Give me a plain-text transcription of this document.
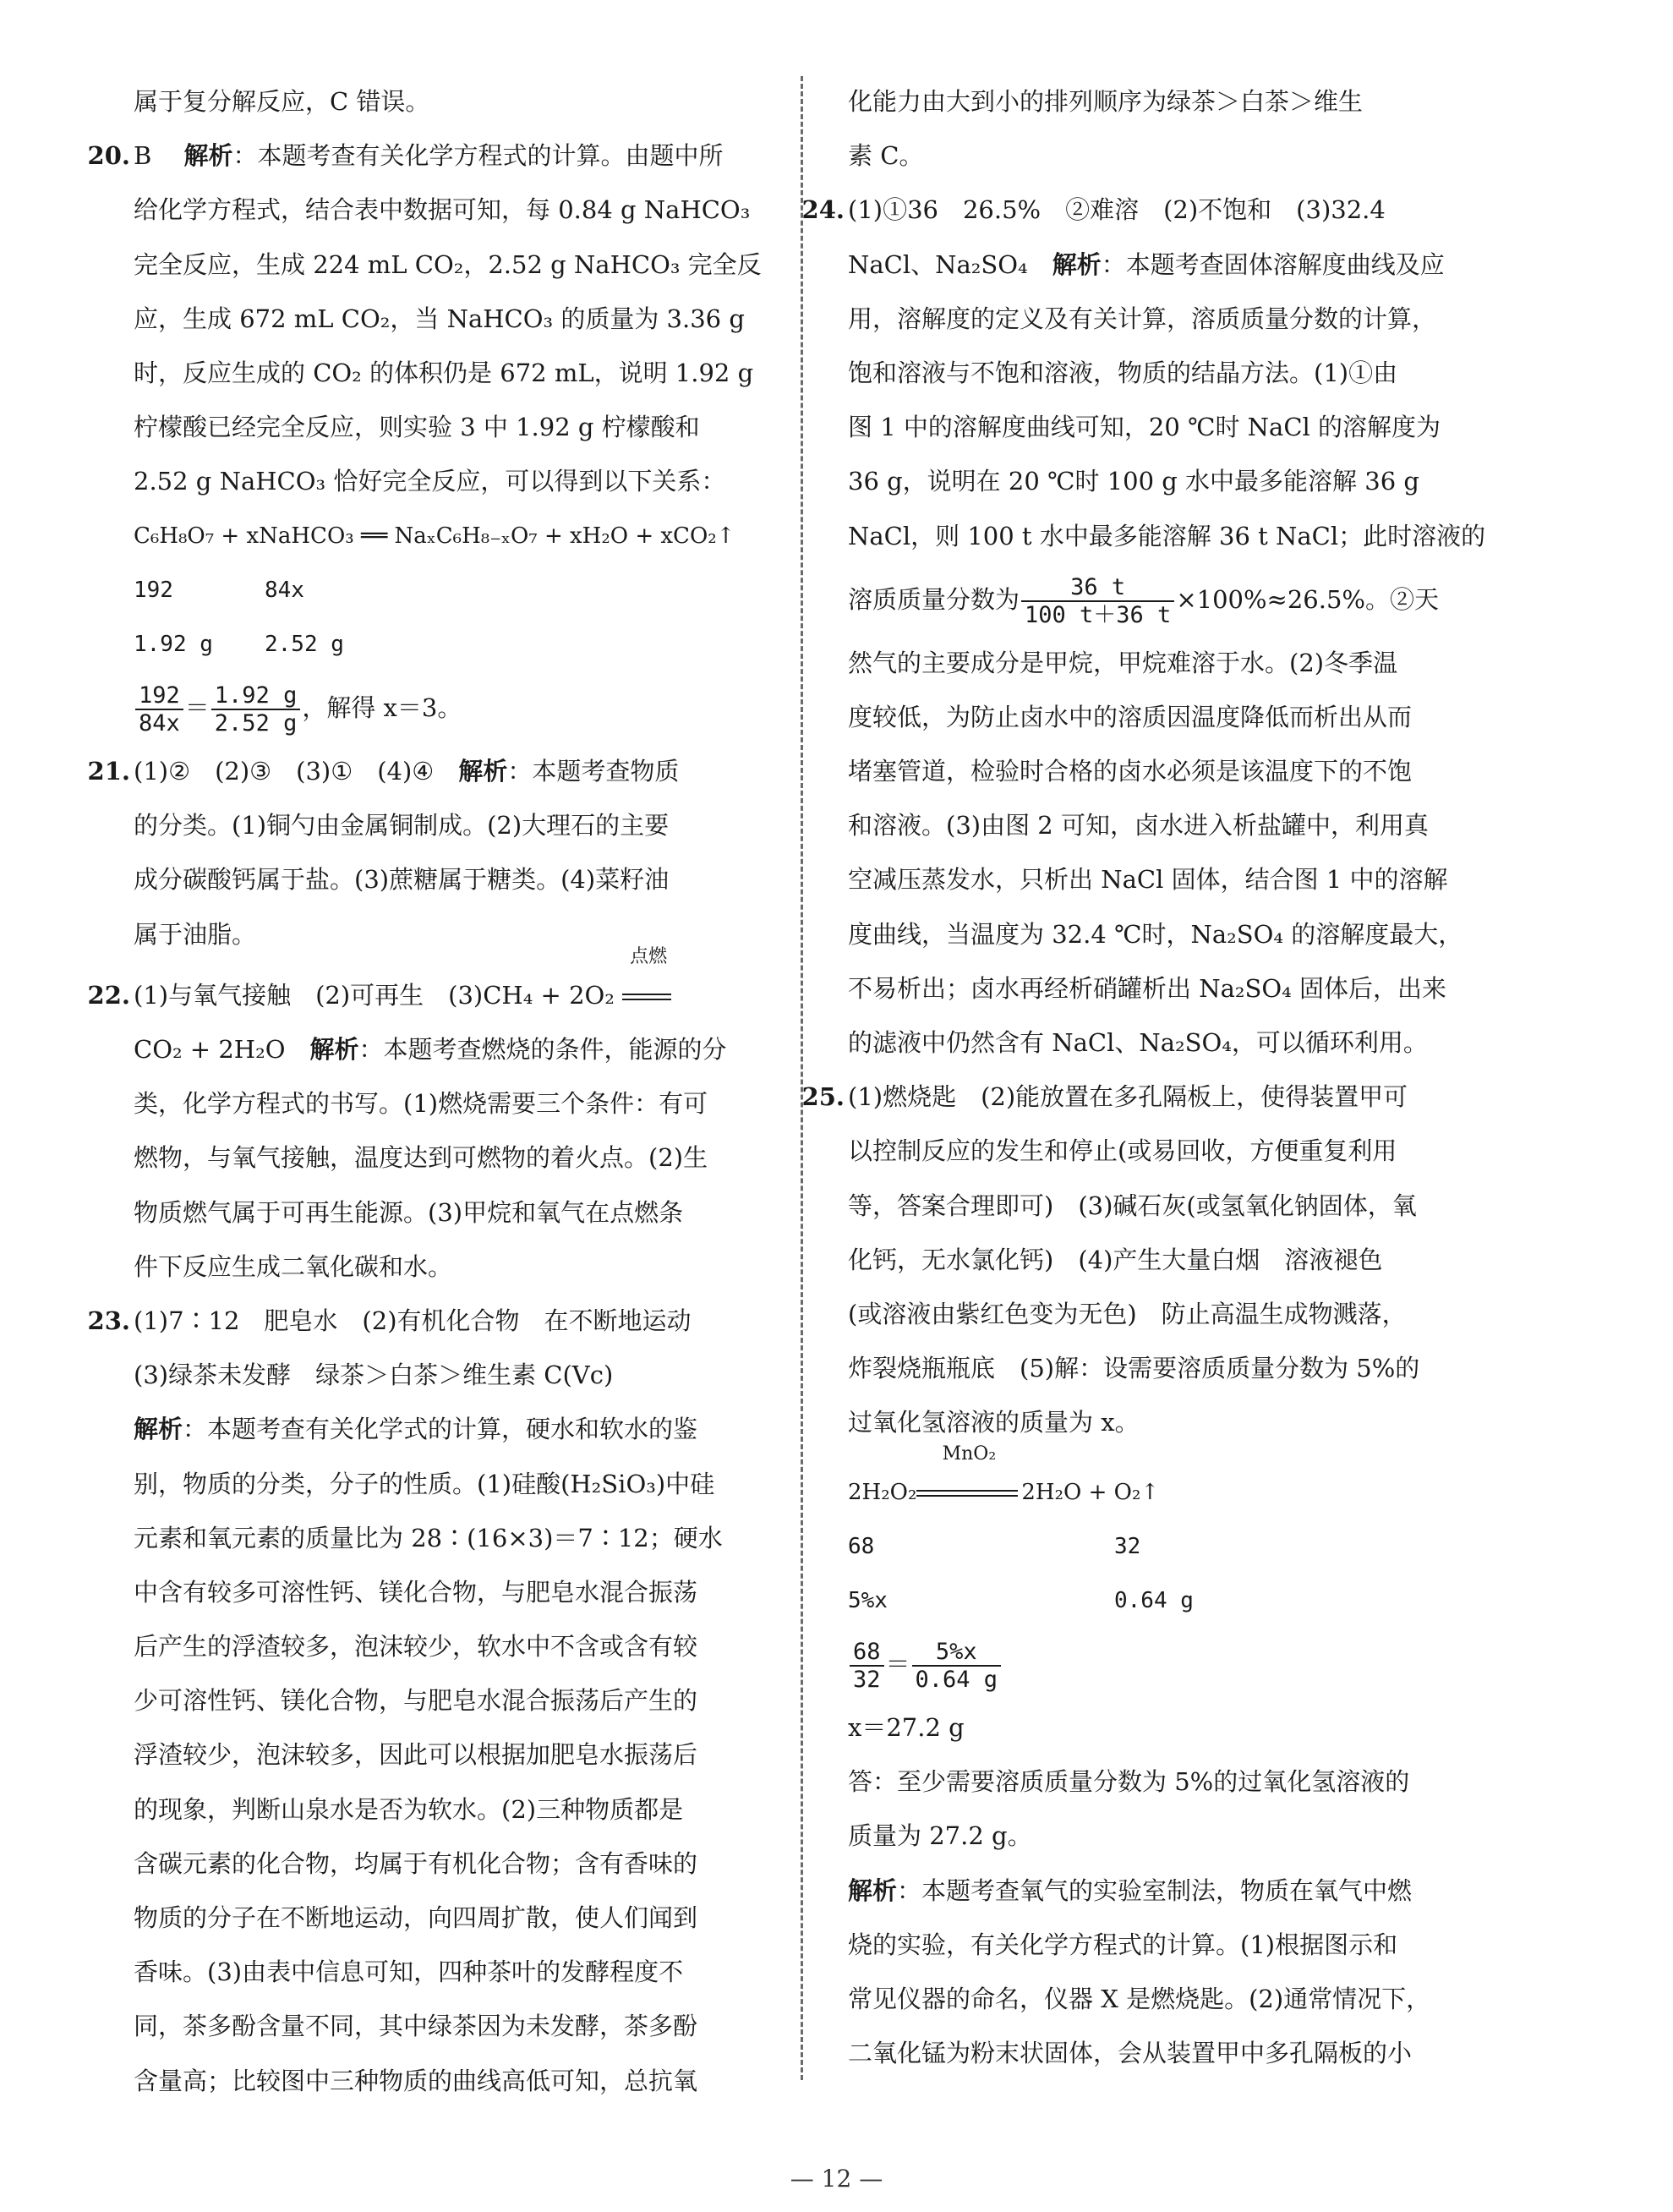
属于复分解反应，C 错误。
20. B　 解析：本题考查有关化学方程式的计算。由题中所
给化学方程式，结合表中数据可知，每 0.84 g NaHCO₃
完全反应，生成 224 mL CO₂，2.52 g NaHCO₃ 完全反
应，生成 672 mL CO₂，当 NaHCO₃ 的质量为 3.36 g
时，反应生成的 CO₂ 的体积仍是 672 mL，说明 1.92 g
柠檬酸已经完全反应，则实验 3 中 1.92 g 柠檬酸和
2.52 g NaHCO₃ 恰好完全反应，可以得到以下关系：
C₆H₈O₇ + xNaHCO₃ ══ NaₓC₆H₈₋ₓO₇ + xH₂O + xCO₂↑
192	84x
1.92 g 2.52 g
$\frac{192}{84x} = \frac{1.92 g}{2.52 g}$ ，解得 x＝3。
21. (1)②　(2)③　(3)①　(4)④　解析：本题考查物质
的分类。(1)铜勺由金属铜制成。(2)大理石的主要
成分碳酸钙属于盐。(3)蔗糖属于糖类。(4)菜籽油
属于油脂。
22. (1)与氧气接触　(2)可再生　(3)CH₄ + 2O₂
点燃
CO₂ + 2H₂O　解析：本题考查燃烧的条件，能源的分
类，化学方程式的书写。(1)燃烧需要三个条件：有可
燃物，与氧气接触，温度达到可燃物的着火点。(2)生
物质燃气属于可再生能源。(3)甲烷和氧气在点燃条
件下反应生成二氧化碳和水。
23. (1)7∶12　肥皂水　(2)有机化合物　在不断地运动
(3)绿茶未发酵　绿茶＞白茶＞维生素 C(Vc)
解析：本题考查有关化学式的计算，硬水和软水的鉴
别，物质的分类，分子的性质。(1)硅酸(H₂SiO₃)中硅
元素和氧元素的质量比为 28∶(16×3)＝7∶12；硬水
中含有较多可溶性钙、镁化合物，与肥皂水混合振荡
后产生的浮渣较多，泡沫较少，软水中不含或含有较
少可溶性钙、镁化合物，与肥皂水混合振荡后产生的
浮渣较少，泡沫较多，因此可以根据加肥皂水振荡后
的现象，判断山泉水是否为软水。(2)三种物质都是
含碳元素的化合物，均属于有机化合物；含有香味的
物质的分子在不断地运动，向四周扩散，使人们闻到
香味。(3)由表中信息可知，四种茶叶的发酵程度不
同，茶多酚含量不同，其中绿茶因为未发酵，茶多酚
含量高；比较图中三种物质的曲线高低可知，总抗氧
化能力由大到小的排列顺序为绿茶＞白茶＞维生
素 C。
24. (1)①36　26.5%　②难溶　(2)不饱和　(3)32.4
NaCl、Na₂SO₄　解析：本题考查固体溶解度曲线及应
用，溶解度的定义及有关计算，溶质质量分数的计算，
饱和溶液与不饱和溶液，物质的结晶方法。(1)①由
图 1 中的溶解度曲线可知，20 ℃时 NaCl 的溶解度为
36 g，说明在 20 ℃时 100 g 水中最多能溶解 36 g
NaCl，则 100 t 水中最多能溶解 36 t NaCl；此时溶液的
溶质质量分数为 $\frac{36 t}{100 t+36 t} \times 100\%\approx 26.5\%$。②天
然气的主要成分是甲烷，甲烷难溶于水。(2)冬季温
度较低，为防止卤水中的溶质因温度降低而析出从而
堵塞管道，检验时合格的卤水必须是该温度下的不饱
和溶液。(3)由图 2 可知，卤水进入析盐罐中，利用真
空减压蒸发水，只析出 NaCl 固体，结合图 1 中的溶解
度曲线，当温度为 32.4 ℃时，Na₂SO₄ 的溶解度最大，
不易析出；卤水再经析硝罐析出 Na₂SO₄ 固体后，出来
的滤液中仍然含有 NaCl、Na₂SO₄，可以循环利用。
25. (1)燃烧匙　(2)能放置在多孔隔板上，使得装置甲可
以控制反应的发生和停止(或易回收，方便重复利用
等，答案合理即可)　(3)碱石灰(或氢氧化钠固体，氧
化钙，无水氯化钙)　(4)产生大量白烟　溶液褪色
(或溶液由紫红色变为无色)　防止高温生成物溅落，
炸裂烧瓶瓶底　(5)解：设需要溶质质量分数为 5%的
过氧化氢溶液的质量为 x。
2H₂O₂
MnO₂
2H₂O + O₂↑
68	32
5%x	0.64 g
$\frac{68}{32} = \frac{5\%x}{0.64 g}$
x＝27.2 g
答：至少需要溶质质量分数为 5%的过氧化氢溶液的
质量为 27.2 g。
解析：本题考查氧气的实验室制法，物质在氧气中燃
烧的实验，有关化学方程式的计算。(1)根据图示和
常见仪器的命名，仪器 X 是燃烧匙。(2)通常情况下，
二氧化锰为粉末状固体，会从装置甲中多孔隔板的小
— 12 —
